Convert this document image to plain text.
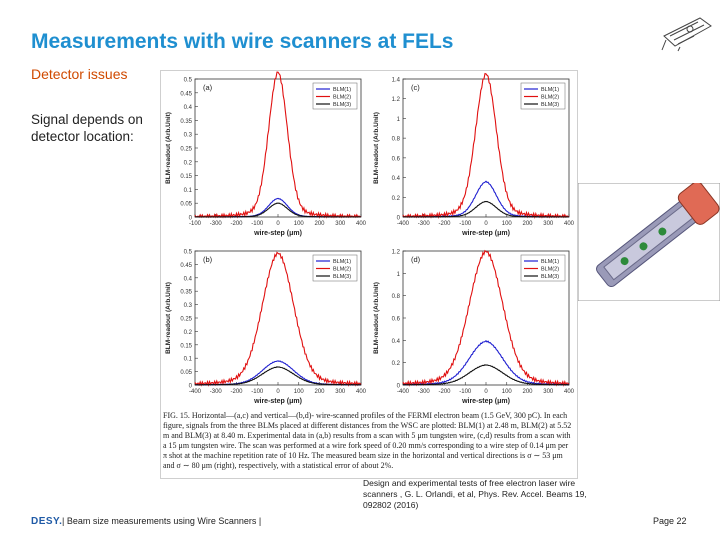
Measurements with wire scanners at FELs
Detector issues
Signal depends on detector location:
0
0.05
0.1
0.15
0.2
0.25
0.3
0.35
0.4
0.45
0.5
-100 -300 -200 -100 0 100 200 300 400
wire-step (μm)
BLM-readout (Arb.Unit)
(a)	BLM(1)
BLM(2)
BLM(3)
0
0.2
0.4
0.6
0.8
1
1.2
1.4
-400 -300 -200 -100 0 100 200 300 400
wire-step (μm)
BLM-readout (Arb.Unit)
(c)	BLM(1)
BLM(2)
BLM(3)
0
0.05
0.1
0.15
0.2
0.25
0.3
0.35
0.4
0.45
0.5
-400 -300 -200 -100 0 100 200 300 400
wire-step (μm)
BLM-readout (Arb.Unit)
(b)	BLM(1)
BLM(2)
BLM(3)
0
0.2
0.4
0.6
0.8
1
1.2
-400 -300 -200 -100 0 100 200 300 400
wire-step (μm)
BLM-readout (Arb.Unit)
(d)	BLM(1)
BLM(2)
BLM(3)
FIG. 15. Horizontal—(a,c) and vertical—(b,d)- wire-scanned profiles of the FERMI electron beam (1.5 GeV, 300 pC). In each figure, signals from the three BLMs placed at different distances from the WSC are plotted: BLM(1) at 2.48 m, BLM(2) at 5.52 m and BLM(3) at 8.40 m. Experimental data in (a,b) results from a scan with 5 μm tungsten wire, (c,d) results from a scan with a 15 μm tungsten wire. The scan was performed at a wire fork speed of 0.20 mm/s corresponding to a wire step of 0.14 μm per π shot at the machine repetition rate of 10 Hz. The measured beam size in the horizontal and vertical directions is σ ∼ 53 μm and σ ∼ 80 μm (right), respectively, with a statistical error of about 2%.
Design and experimental tests of free electron laser wire scanners , G. L. Orlandi, et al, Phys. Rev. Accel. Beams 19, 092802 (2016)
DESY. | Beam size measurements using Wire Scanners |	Page 22
